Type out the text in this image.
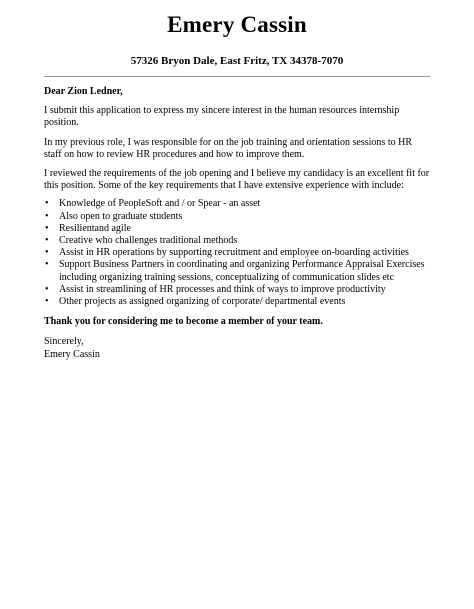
Emery Cassin
57326 Bryon Dale, East Fritz, TX 34378-7070

Dear Zion Ledner,

I submit this application to express my sincere interest in the human resources internship position.

In my previous role, I was responsible for on the job training and orientation sessions to HR staff on how to review HR procedures and how to improve them.

I reviewed the requirements of the job opening and I believe my candidacy is an excellent fit for this position. Some of the key requirements that I have extensive experience with include:

• Knowledge of PeopleSoft and / or Spear - an asset
• Also open to graduate students
• Resilientand agile
• Creative who challenges traditional methods
• Assist in HR operations by supporting recruitment and employee on-boarding activities
• Support Business Partners in coordinating and organizing Performance Appraisal Exercises including organizing training sessions, conceptualizing of communication slides etc
• Assist in streamlining of HR processes and think of ways to improve productivity
• Other projects as assigned organizing of corporate/ departmental events

Thank you for considering me to become a member of your team.

Sincerely,

Emery Cassin
